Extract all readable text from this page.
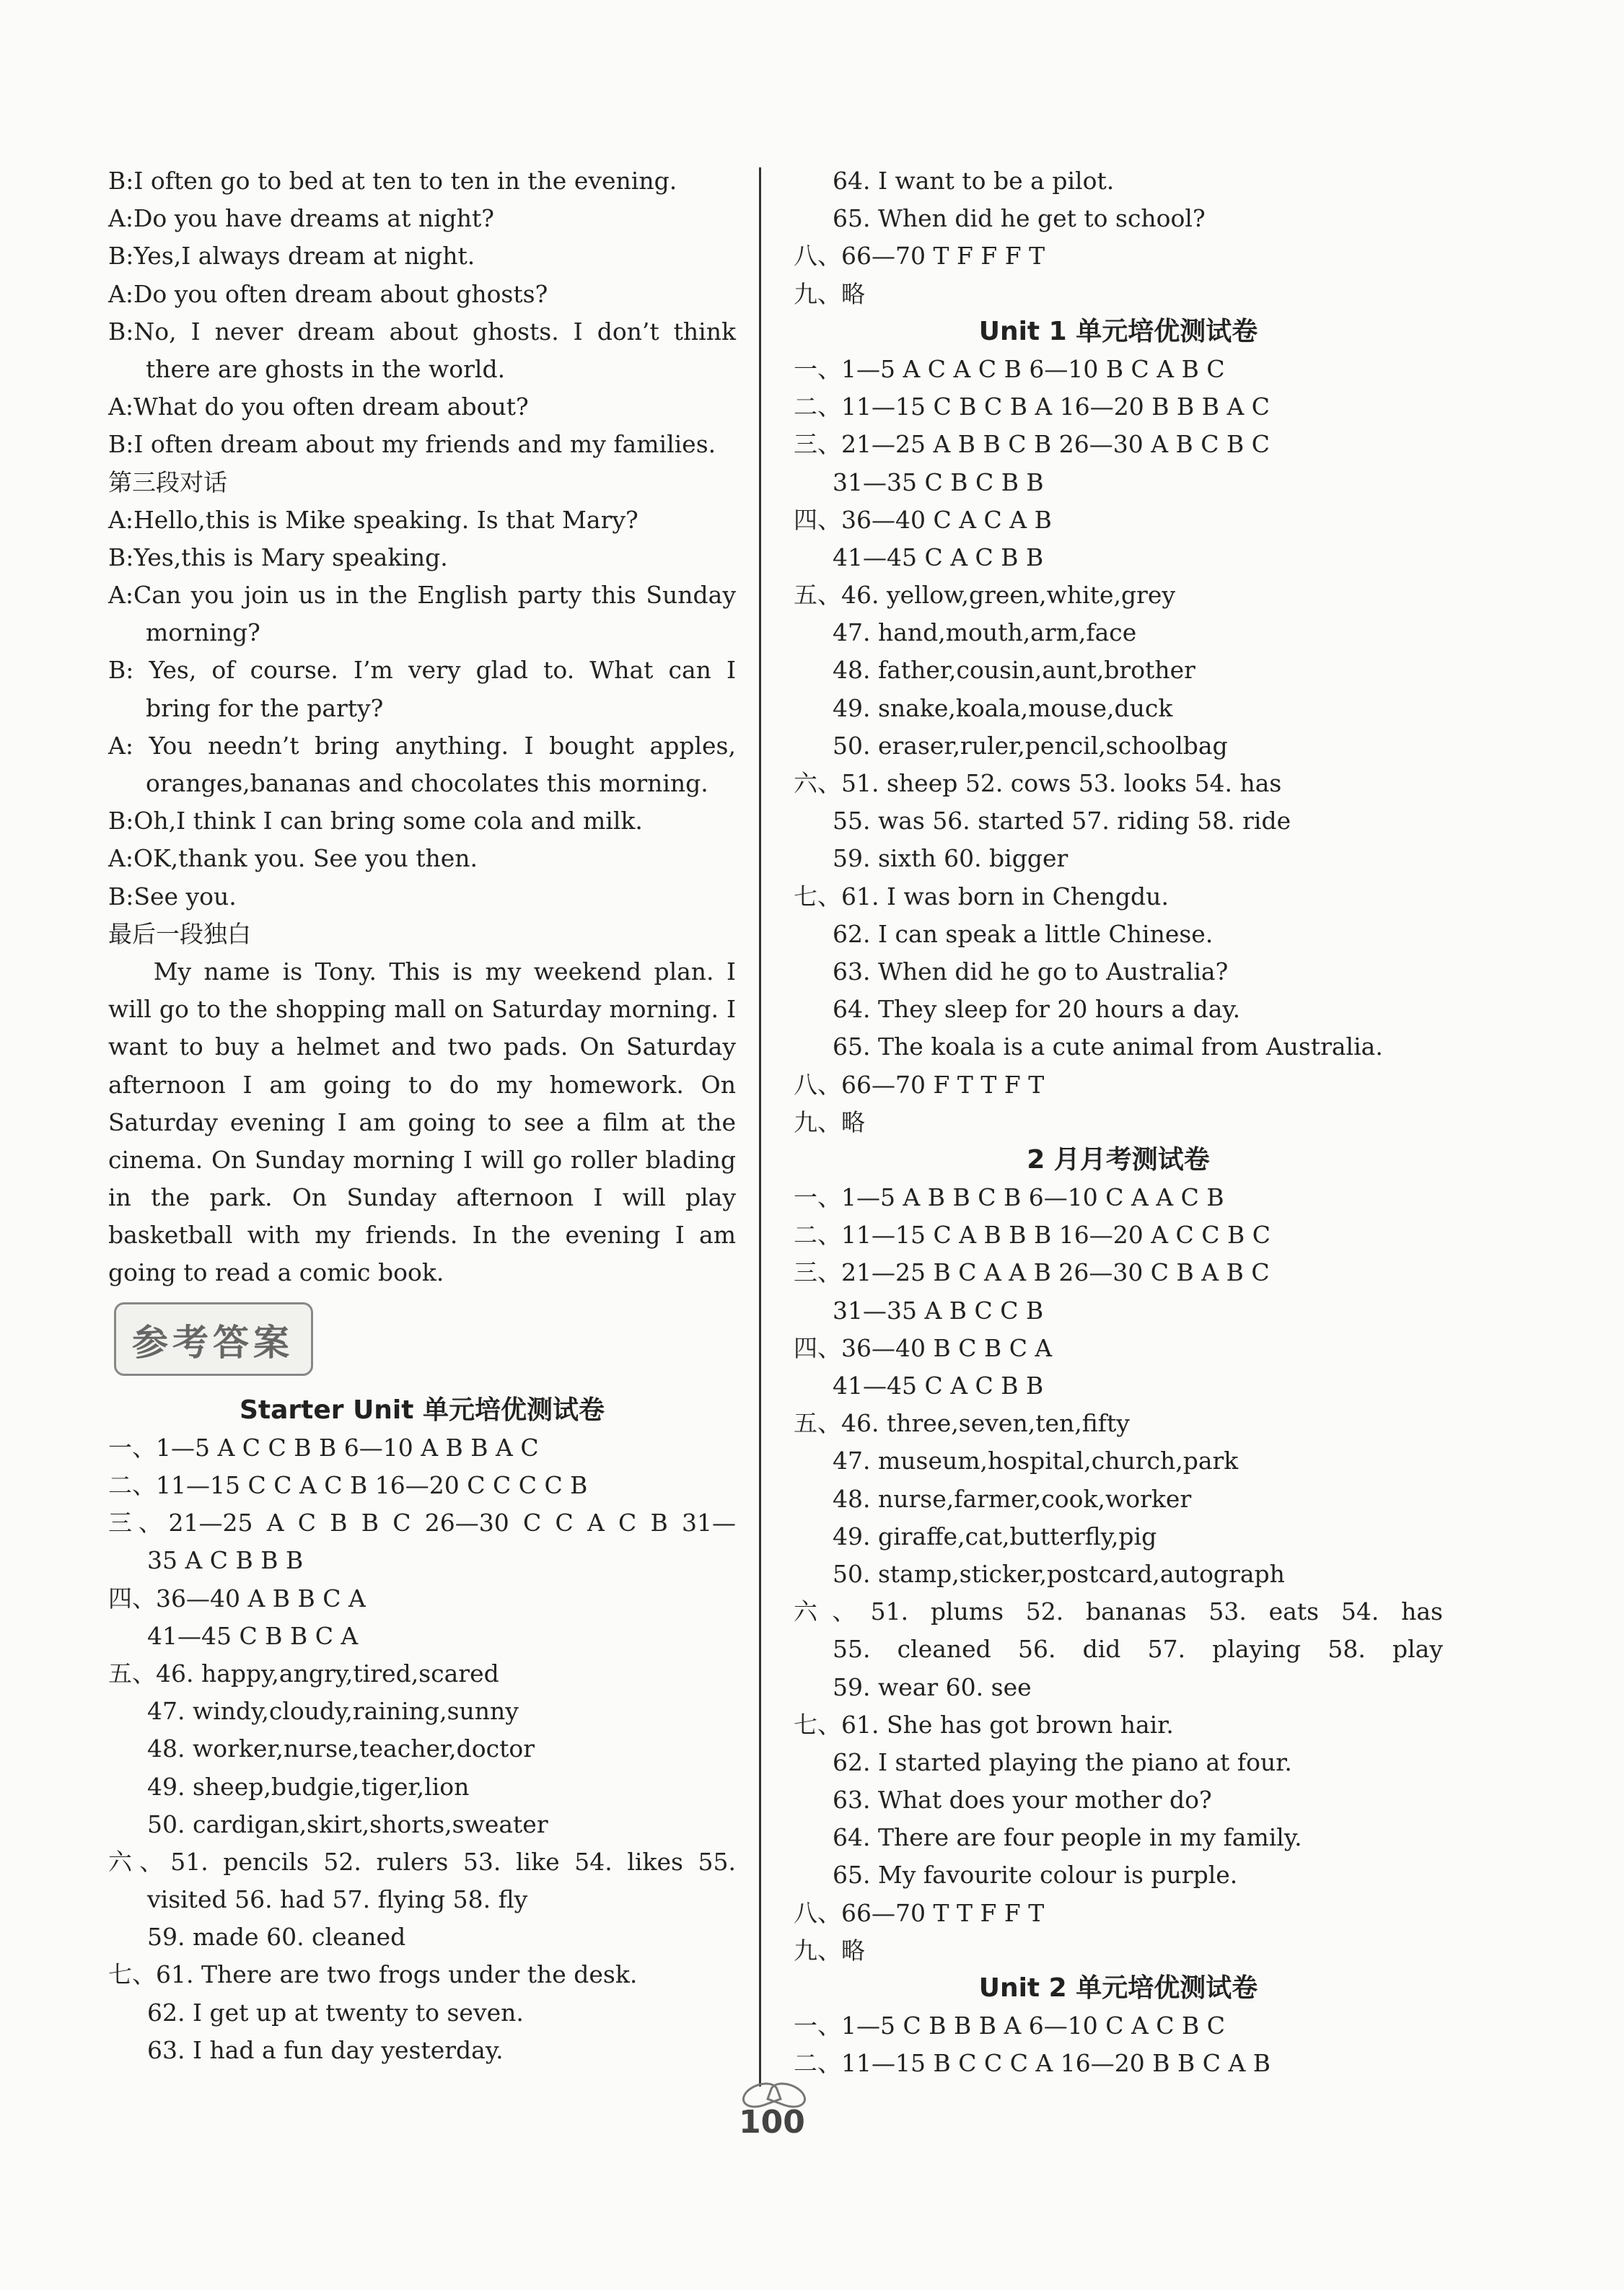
B:I often go to bed at ten to ten in the evening.
A:Do you have dreams at night?
B:Yes,I always dream at night.
A:Do you often dream about ghosts?
B:No, I never dream about ghosts. I don’t think
there are ghosts in the world.
A:What do you often dream about?
B:I often dream about my friends and my families.
第三段对话
A:Hello,this is Mike speaking. Is that Mary?
B:Yes,this is Mary speaking.
A:Can you join us in the English party this Sunday
morning?
B: Yes, of course. I’m very glad to. What can I
bring for the party?
A: You needn’t bring anything. I bought apples,
oranges,bananas and chocolates this morning.
B:Oh,I think I can bring some cola and milk.
A:OK,thank you. See you then.
B:See you.
最后一段独白
My name is Tony. This is my weekend plan. I
will go to the shopping mall on Saturday morning. I
want to buy a helmet and two pads. On Saturday
afternoon I am going to do my homework. On
Saturday evening I am going to see a film at the
cinema. On Sunday morning I will go roller blading
in the park. On Sunday afternoon I will play
basketball with my friends. In the evening I am
going to read a comic book.
参考答案
Starter Unit 单元培优测试卷
一、1—5 A C C B B 6—10 A B B A C
二、11—15 C C A C B 16—20 C C C C B
三、21—25 A C B B C 26—30 C C A C B 31—
35 A C B B B
四、36—40 A B B C A
41—45 C B B C A
五、46. happy,angry,tired,scared
47. windy,cloudy,raining,sunny
48. worker,nurse,teacher,doctor
49. sheep,budgie,tiger,lion
50. cardigan,skirt,shorts,sweater
六、51. pencils 52. rulers 53. like 54. likes 55.
visited 56. had 57. flying 58. fly
59. made 60. cleaned
七、61. There are two frogs under the desk.
62. I get up at twenty to seven.
63. I had a fun day yesterday.
64. I want to be a pilot.
65. When did he get to school?
八、66—70 T F F F T
九、略
Unit 1 单元培优测试卷
一、1—5 A C A C B 6—10 B C A B C
二、11—15 C B C B A 16—20 B B B A C
三、21—25 A B B C B 26—30 A B C B C
31—35 C B C B B
四、36—40 C A C A B
41—45 C A C B B
五、46. yellow,green,white,grey
47. hand,mouth,arm,face
48. father,cousin,aunt,brother
49. snake,koala,mouse,duck
50. eraser,ruler,pencil,schoolbag
六、51. sheep 52. cows 53. looks 54. has
55. was 56. started 57. riding 58. ride
59. sixth 60. bigger
七、61. I was born in Chengdu.
62. I can speak a little Chinese.
63. When did he go to Australia?
64. They sleep for 20 hours a day.
65. The koala is a cute animal from Australia.
八、66—70 F T T F T
九、略
2 月月考测试卷
一、1—5 A B B C B 6—10 C A A C B
二、11—15 C A B B B 16—20 A C C B C
三、21—25 B C A A B 26—30 C B A B C
31—35 A B C C B
四、36—40 B C B C A
41—45 C A C B B
五、46. three,seven,ten,fifty
47. museum,hospital,church,park
48. nurse,farmer,cook,worker
49. giraffe,cat,butterfly,pig
50. stamp,sticker,postcard,autograph
六、51. plums 52. bananas 53. eats 54. has
55. cleaned 56. did 57. playing 58. play
59. wear 60. see
七、61. She has got brown hair.
62. I started playing the piano at four.
63. What does your mother do?
64. There are four people in my family.
65. My favourite colour is purple.
八、66—70 T T F F T
九、略
Unit 2 单元培优测试卷
一、1—5 C B B B A 6—10 C A C B C
二、11—15 B C C C A 16—20 B B C A B
100
